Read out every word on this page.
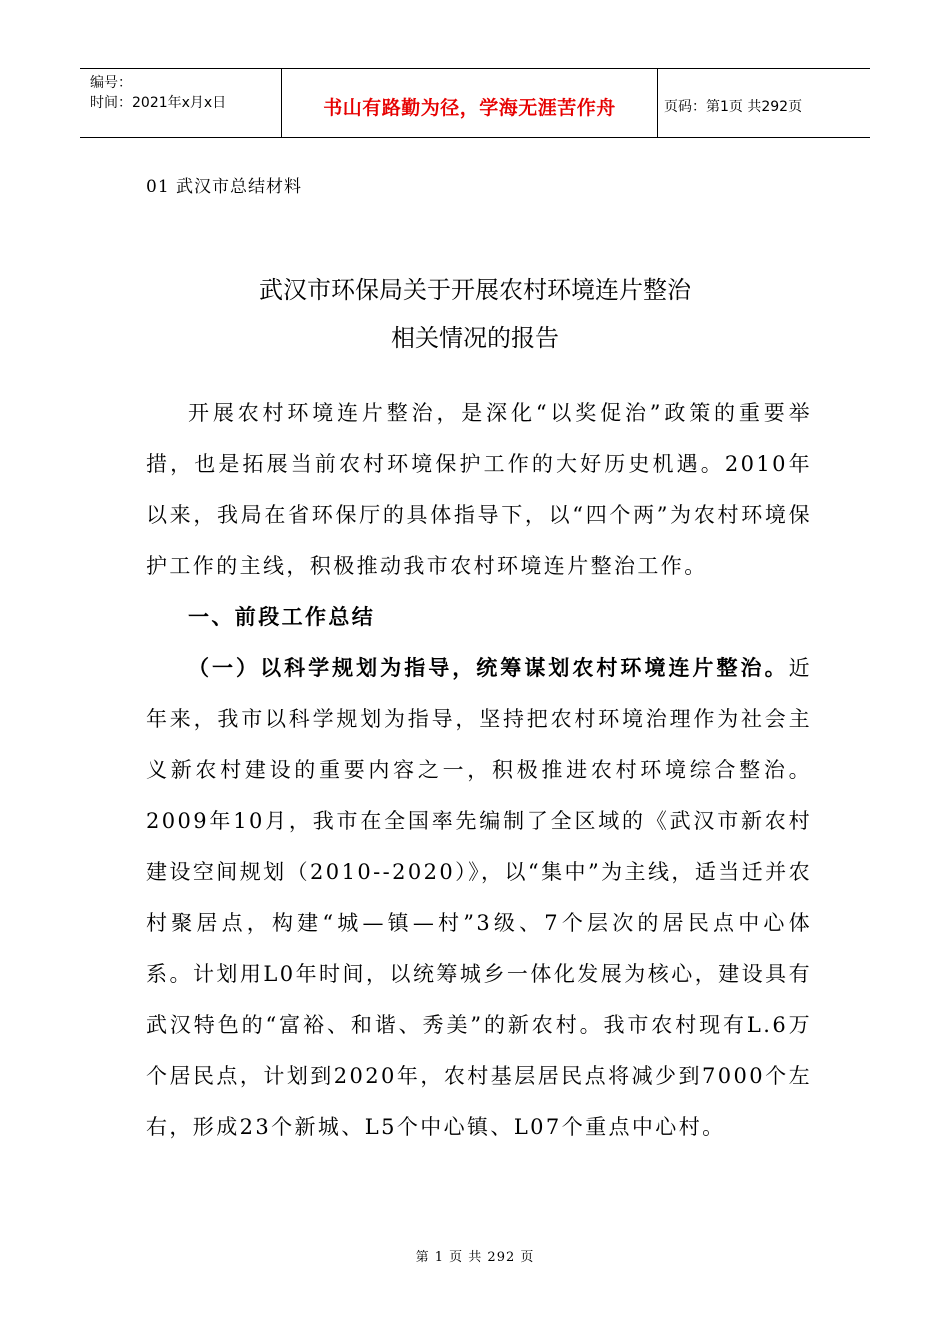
编号：
时间：2021年x月x日	书山有路勤为径，学海无涯苦作舟	页码：第1页 共292页
01 武汉市总结材料
武汉市环保局关于开展农村环境连片整治
相关情况的报告

开展农村环境连片整治，是深化“以奖促治”政策的重要举措，也是拓展当前农村环境保护工作的大好历史机遇。2010年以来，我局在省环保厅的具体指导下，以“四个两”为农村环境保护工作的主线，积极推动我市农村环境连片整治工作。

一、前段工作总结

（一）以科学规划为指导，统筹谋划农村环境连片整治。近年来，我市以科学规划为指导，坚持把农村环境治理作为社会主义新农村建设的重要内容之一，积极推进农村环境综合整治。2009年10月，我市在全国率先编制了全区域的《武汉市新农村建设空间规划（2010--2020）》，以“集中”为主线，适当迁并农村聚居点，构建“城—镇—村”3级、7个层次的居民点中心体系。计划用L0年时间，以统筹城乡一体化发展为核心，建设具有武汉特色的“富裕、和谐、秀美”的新农村。我市农村现有L.6万个居民点，计划到2020年，农村基层居民点将减少到7000个左右，形成23个新城、L5个中心镇、L07个重点中心村。

第 1 页 共 292 页
